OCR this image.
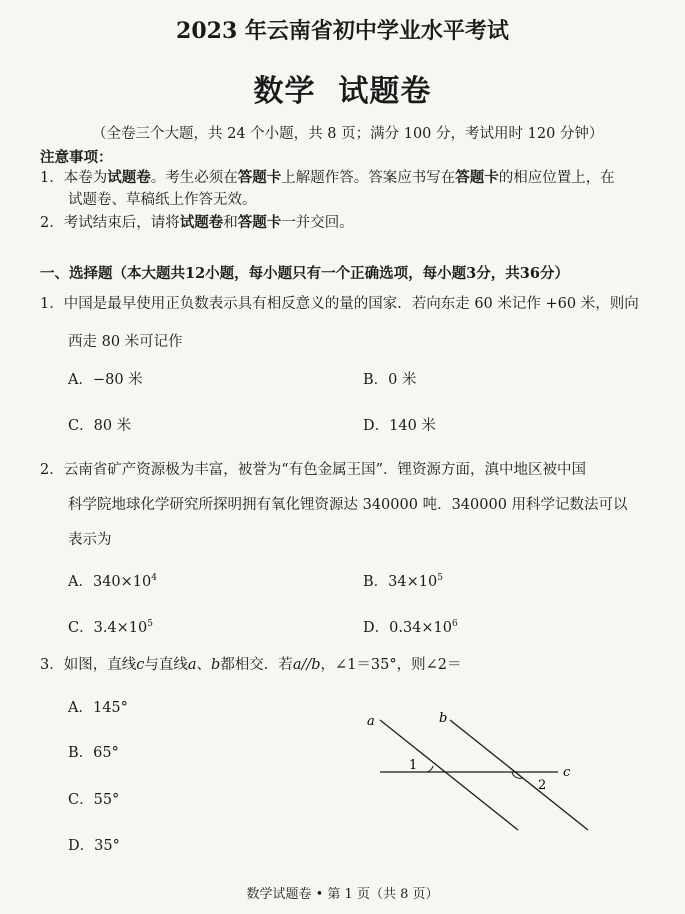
2023 年云南省初中学业水平考试
数学  试题卷
（全卷三个大题，共 24 个小题，共 8 页；满分 100 分，考试用时 120 分钟）
注意事项：
1．本卷为试题卷。考生必须在答题卡上解题作答。答案应书写在答题卡的相应位置上，在
试题卷、草稿纸上作答无效。
2．考试结束后，请将试题卷和答题卡一并交回。
一、选择题（本大题共12小题，每小题只有一个正确选项，每小题3分，共36分）
1．中国是最早使用正负数表示具有相反意义的量的国家．若向东走 60 米记作 +60 米，则向
西走 80 米可记作
A．−80 米	B．0 米
C．80 米	D．140 米
2．云南省矿产资源极为丰富，被誉为“有色金属王国”．锂资源方面，滇中地区被中国
科学院地球化学研究所探明拥有氧化锂资源达 340000 吨．340000 用科学记数法可以
表示为
A．$340\times 10^4$	B．$34\times 10^5$
C．$3.4\times 10^5$	D．$0.34\times 10^6$
3．如图，直线c与直线a、b都相交．若a//b，∠1＝35°，则∠2＝
A．145°
B．65°
C．55°
D．35°
a	b
c
1
2
数学试题卷 • 第 1 页（共 8 页）
